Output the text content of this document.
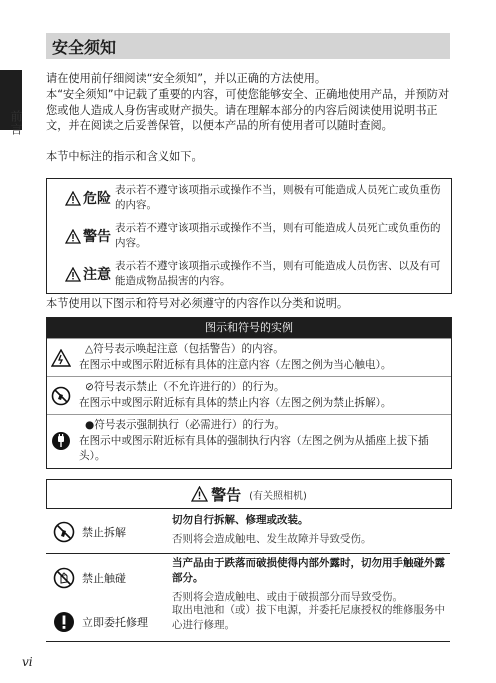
前言
安全须知
请在使用前仔细阅读“安全须知”，并以正确的方法使用。
本“安全须知”中记载了重要的内容，可使您能够安全、正确地使用产品，并预防对您或他人造成人身伤害或财产损失。请在理解本部分的内容后阅读使用说明书正文，并在阅读之后妥善保管，以便本产品的所有使用者可以随时查阅。
本节中标注的指示和含义如下。
危险
表示若不遵守该项指示或操作不当，则极有可能造成人员死亡或负重伤的内容。
警告
表示若不遵守该项指示或操作不当，则有可能造成人员死亡或负重伤的内容。
注意
表示若不遵守该项指示或操作不当，则有可能造成人员伤害、以及有可能造成物品损害的内容。
本节使用以下图示和符号对必须遵守的内容作以分类和说明。
图示和符号的实例
△符号表示唤起注意（包括警告）的内容。
在图示中或图示附近标有具体的注意内容（左图之例为当心触电）。
⊘符号表示禁止（不允许进行的）的行为。
在图示中或图示附近标有具体的禁止内容（左图之例为禁止拆解）。
●符号表示强制执行（必需进行）的行为。
在图示中或图示附近标有具体的强制执行内容（左图之例为从插座上拔下插头）。
警告 (有关照相机)
禁止拆解
切勿自行拆解、修理或改装。
否则将会造成触电、发生故障并导致受伤。
禁止触碰
当产品由于跌落而破损使得内部外露时，切勿用手触碰外露部分。
否则将会造成触电、或由于破损部分而导致受伤。
立即委托修理
取出电池和（或）拔下电源，并委托尼康授权的维修服务中心进行修理。
vi
